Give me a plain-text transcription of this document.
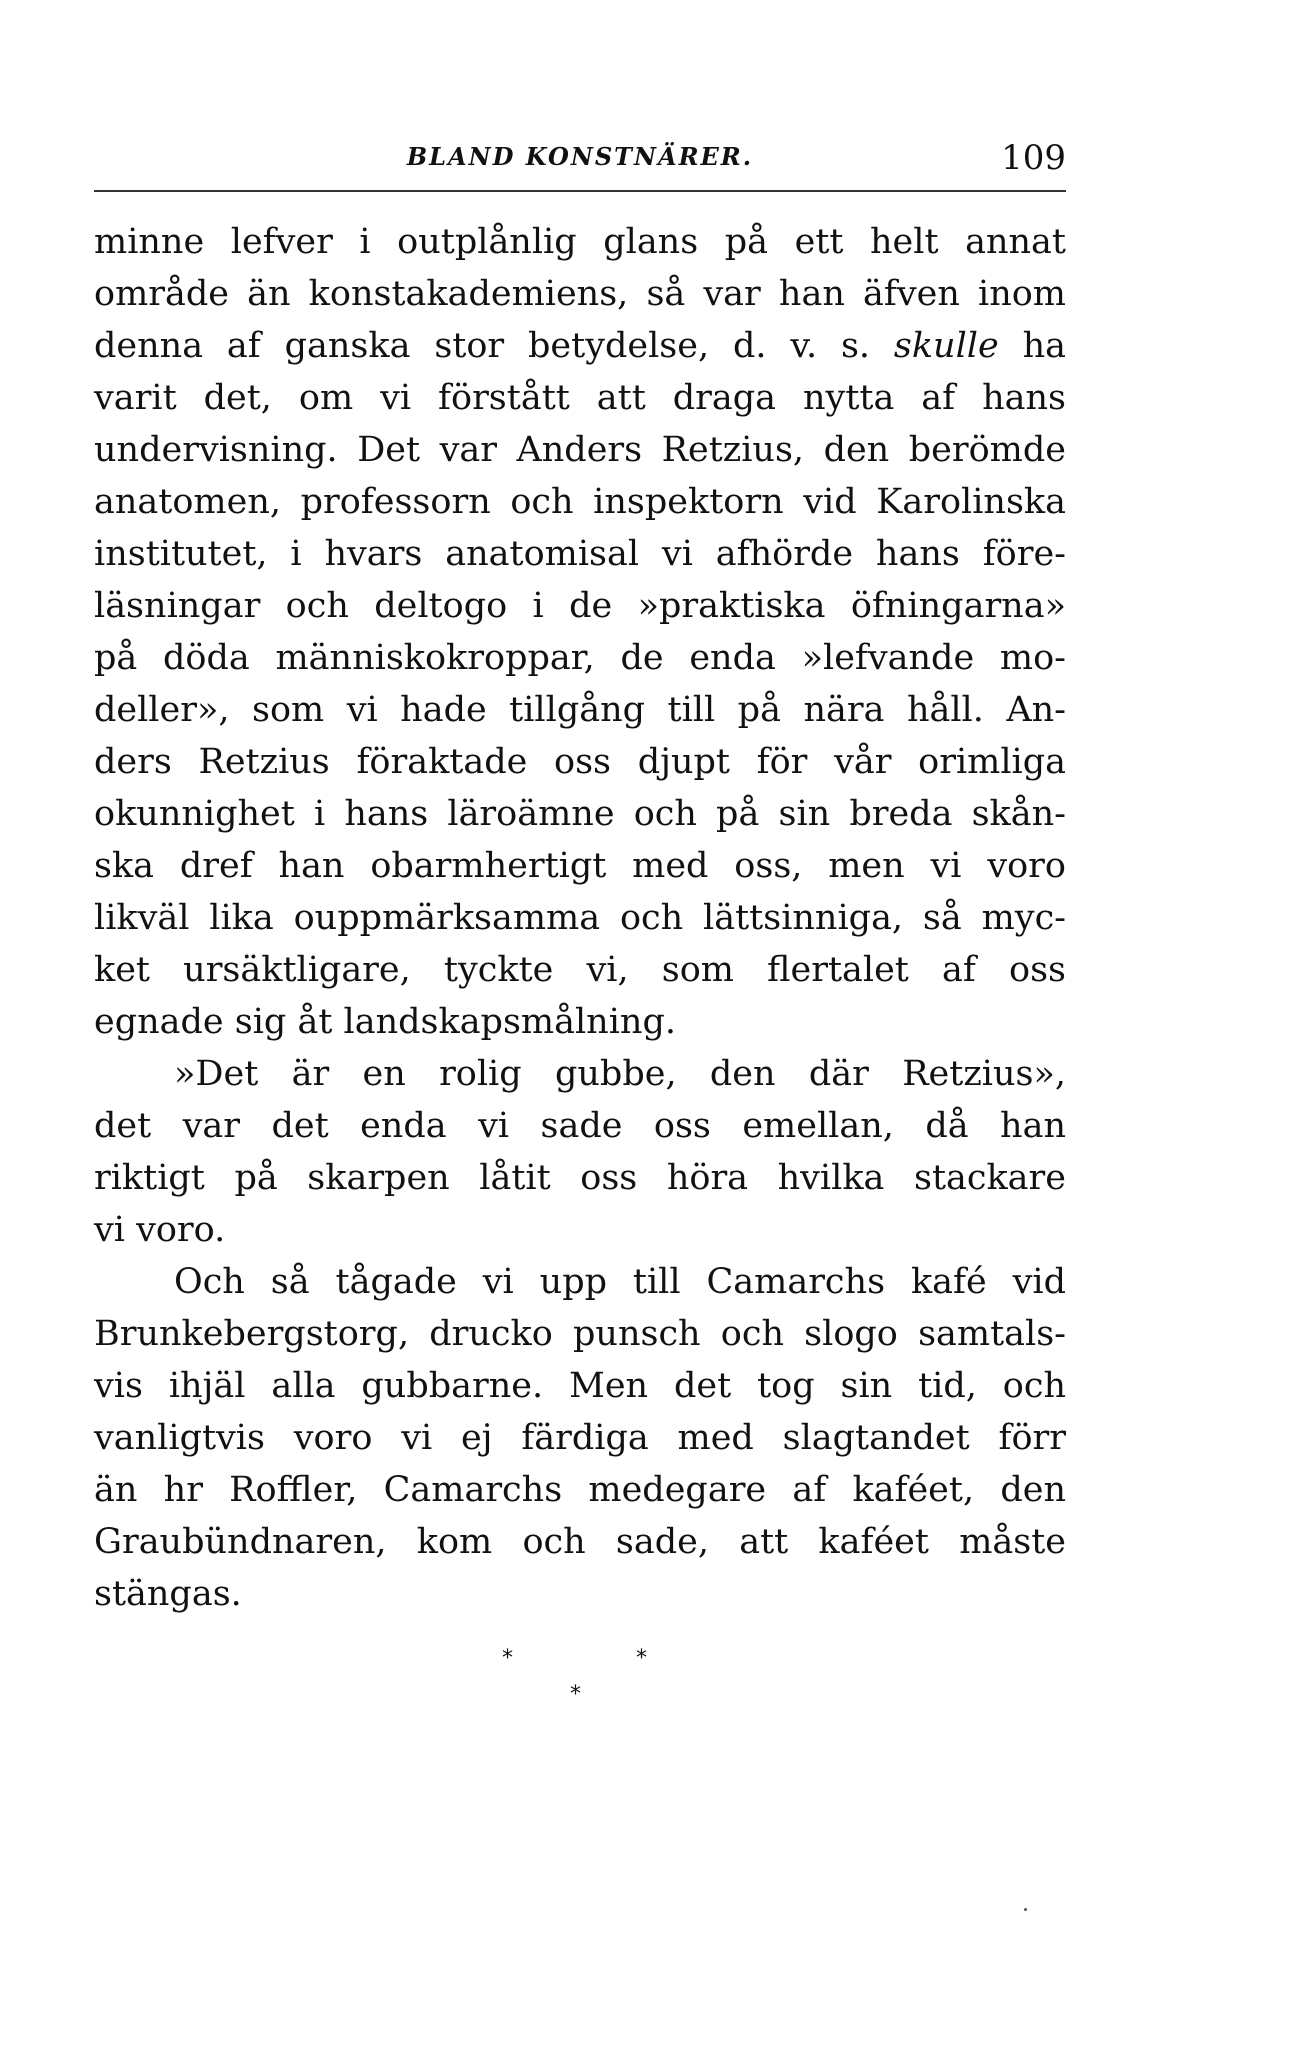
BLAND KONSTNÄRER.	109
minne lefver i outplånlig glans på ett helt annat
område än konstakademiens, så var han äfven inom
denna af ganska stor betydelse, d. v. s. skulle ha
varit det, om vi förstått att draga nytta af hans
undervisning. Det var Anders Retzius, den berömde
anatomen, professorn och inspektorn vid Karolinska
institutet, i hvars anatomisal vi afhörde hans före-
läsningar och deltogo i de »praktiska öfningarna»
på döda människokroppar, de enda »lefvande mo-
deller», som vi hade tillgång till på nära håll. An-
ders Retzius föraktade oss djupt för vår orimliga
okunnighet i hans läroämne och på sin breda skån-
ska dref han obarmhertigt med oss, men vi voro
likväl lika ouppmärksamma och lättsinniga, så myc-
ket ursäktligare, tyckte vi, som flertalet af oss
egnade sig åt landskapsmålning.
»Det är en rolig gubbe, den där Retzius»,
det var det enda vi sade oss emellan, då han
riktigt på skarpen låtit oss höra hvilka stackare
vi voro.
Och så tågade vi upp till Camarchs kafé vid
Brunkebergstorg, drucko punsch och slogo samtals-
vis ihjäl alla gubbarne. Men det tog sin tid, och
vanligtvis voro vi ej färdiga med slagtandet förr
än hr Roffler, Camarchs medegare af kaféet, den
Graubündnaren, kom och sade, att kaféet måste
stängas.
*	*
*
